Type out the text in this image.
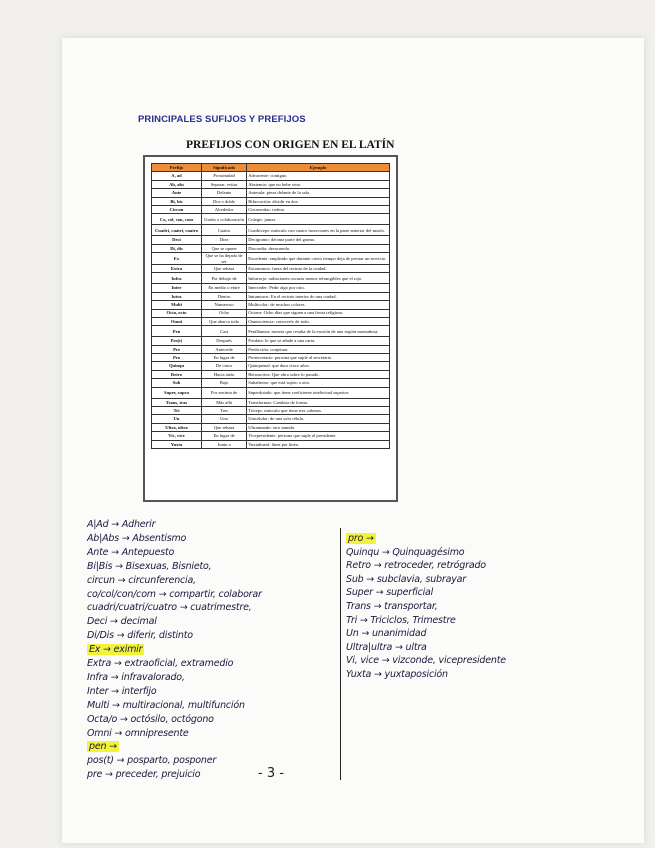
PRINCIPALES SUFIJOS Y PREFIJOS
PREFIJOS CON ORIGEN EN EL LATÍN
Prefijo	Significado	Ejemplo
A, ad	Proximidad	Advacente: contiguo.
Ab, abs	Separar, evitar	Abstemio: que no bebe vino.
Ante	Delante	Antesala: pieza delante de la sala.
Bi, bis	Dos o doble	Bifurcación: dividir en dos.
Circun	Alrededor	Circunvalar: rodear.
Co, col, con, com	Unión o colaboración	Colegir: juntar.
Cuadri, cuatri, cuatro	Cuatro	Cuadriceps: músculo con cuatro inserciones en la parte anterior del muslo.
Deci	Diez	Decigramo: décima parte del gramo.
Di, dis	Que se opone	Discordia: desacuerdo.
Ex	Que se ha dejado de ser	Excedente: empleado que durante cierto tiempo deja de prestar un servicio.
Extra	Que rebasa	Extramuros: fuera del recinto de la ciudad.
Infra	Por debajo de	Infrarrojo: radiaciones oscuras menos refrangibles que el rojo.
Inter	En medio o entre	Interceder: Pedir algo por otro.
Intra	Dentro	Intramuros: En el recinto interior de una ciudad.
Multi	Numeroso	Multicolor: de muchos colores.
Octa, octo	Ocho	Octava: Ocho días que siguen a una fiesta religiosa.
Omni	Que abarca todo	Omnisciencia: conocerlo de todo.
Pen	Casi	Penillanura: meseta que resulta de la erosión de una región montañosa.
Pos(t)	Después	Posdata: lo que se añade a una carta.
Pre	Antecede	Predicción: conjetura.
Pro	En lugar de	Prosecretario: persona que suple al secretario.
Quinqu	De cinco	Quinquenal: que dura cinco años.
Retro	Hacia atrás	Retroactiva: Que obra sobre lo pasado.
Sub	Bajo	Subalterno: que está sujeto a otro.
Super, supra	Por encima de	Superdotado: que tiene coeficiente intelectual superior.
Trans, tras	Más allá	Transformar: Cambiar de forma.
Tri	Tres	Tríceps: músculo que tiene tres cabezas.
Un	Uno	Unicelular: de una sola célula.
Ultra, ultra	Que rebasa	Ultramundo: otro mundo.
Vic, vice	En lugar de	Vicepresidente: persona que suple al presidente.
Yuxta	Junto a	Yuxtalineal: línea por línea.
A|Ad → Adherir
Ab|Abs → Absentismo
Ante → Antepuesto
Bi|Bis → Bisexuas, Bisnieto,
circun → circunferencia,
co/col/con/com → compartir, colaborar
cuadri/cuatri/cuatro → cuatrimestre,
Deci → decimal
Di/Dis → diferir, distinto
Ex → eximir
Extra → extraoficial, extramedio
Infra → infravalorado,
Inter → interfijo
Multi → multiracional, multifunción
Octa/o → octósilo, octógono
Omni → omnipresente
pen →
pos(t) → posparto, posponer
pre → preceder, prejuicio
pro →
Quinqu → Quinquagésimo
Retro → retroceder, retrógrado
Sub → subclavia, subrayar
Super → superficial
Trans → transportar,
Tri → Triciclos, Trimestre
Un → unanimidad
Ultra|ultra → ultra
Vi, vice → vizconde, vicepresidente
Yuxta → yuxtaposición
- 3 -
